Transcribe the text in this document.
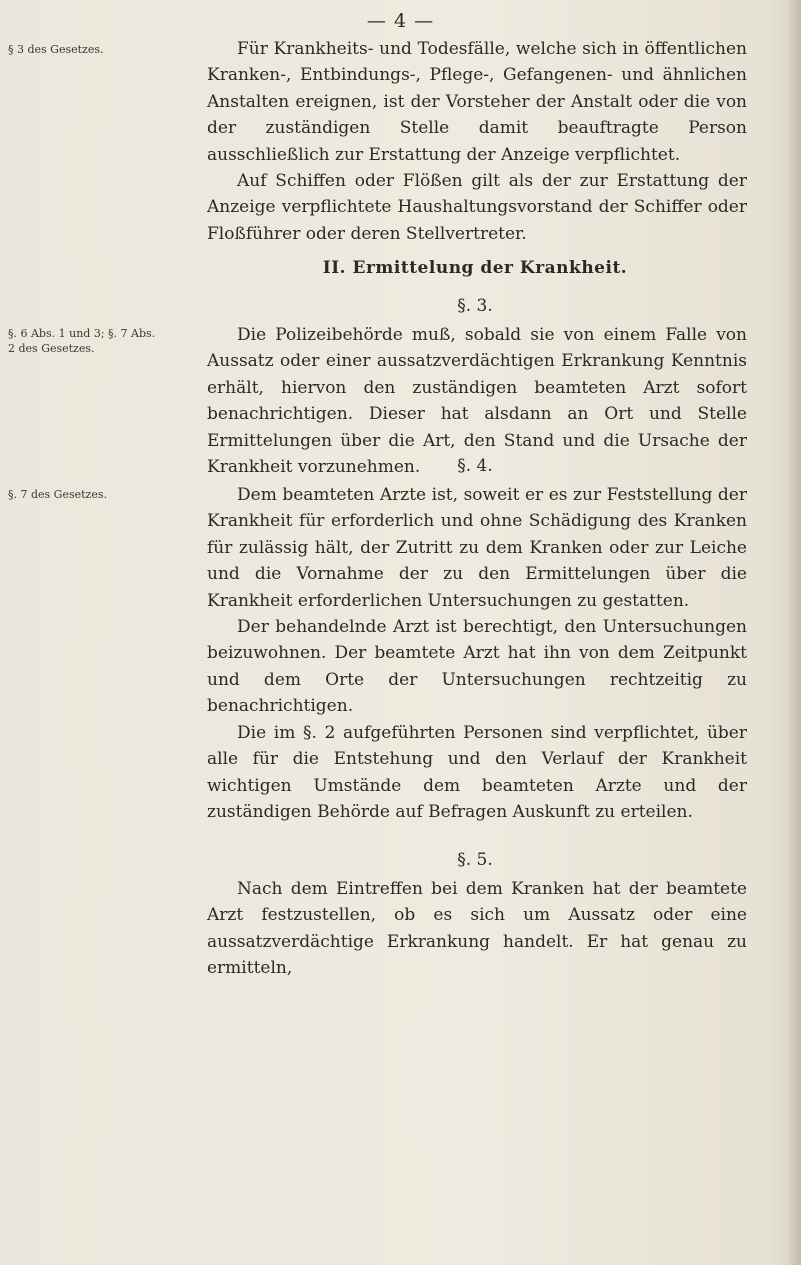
— 4 —
§ 3 des Gesetzes.	Für Krankheits- und Todesfälle, welche sich in öffentlichen Kranken-, Entbindungs-, Pflege-, Gefangenen- und ähnlichen Anstalten ereignen, ist der Vorsteher der Anstalt oder die von der zuständigen Stelle damit beauftragte Person ausschließlich zur Erstattung der Anzeige verpflichtet.

Auf Schiffen oder Flößen gilt als der zur Erstattung der Anzeige verpflichtete Haushaltungsvorstand der Schiffer oder Floßführer oder deren Stellvertreter.

II. Ermittelung der Krankheit.
§. 3.
§. 6 Abs. 1 und 3; §. 7 Abs. 2 des Gesetzes.

Die Polizeibehörde muß, sobald sie von einem Falle von Aussatz oder einer aussatzverdächtigen Erkrankung Kenntnis erhält, hiervon den zuständigen beamteten Arzt sofort benachrichtigen. Dieser hat alsdann an Ort und Stelle Ermittelungen über die Art, den Stand und die Ursache der Krankheit vorzunehmen.	§. 4.
§. 7 des Gesetzes.	Dem beamteten Arzte ist, soweit er es zur Feststellung der Krankheit für erforderlich und ohne Schädigung des Kranken für zulässig hält, der Zutritt zu dem Kranken oder zur Leiche und die Vornahme der zu den Ermittelungen über die Krankheit erforderlichen Untersuchungen zu gestatten.

Der behandelnde Arzt ist berechtigt, den Untersuchungen beizuwohnen. Der beamtete Arzt hat ihn von dem Zeitpunkt und dem Orte der Untersuchungen rechtzeitig zu benachrichtigen.

Die im §. 2 aufgeführten Personen sind verpflichtet, über alle für die Entstehung und den Verlauf der Krankheit wichtigen Umstände dem beamteten Arzte und der zuständigen Behörde auf Befragen Auskunft zu erteilen.

§. 5.

Nach dem Eintreffen bei dem Kranken hat der beamtete Arzt festzustellen, ob es sich um Aussatz oder eine aussatzverdächtige Erkrankung handelt. Er hat genau zu ermitteln,
